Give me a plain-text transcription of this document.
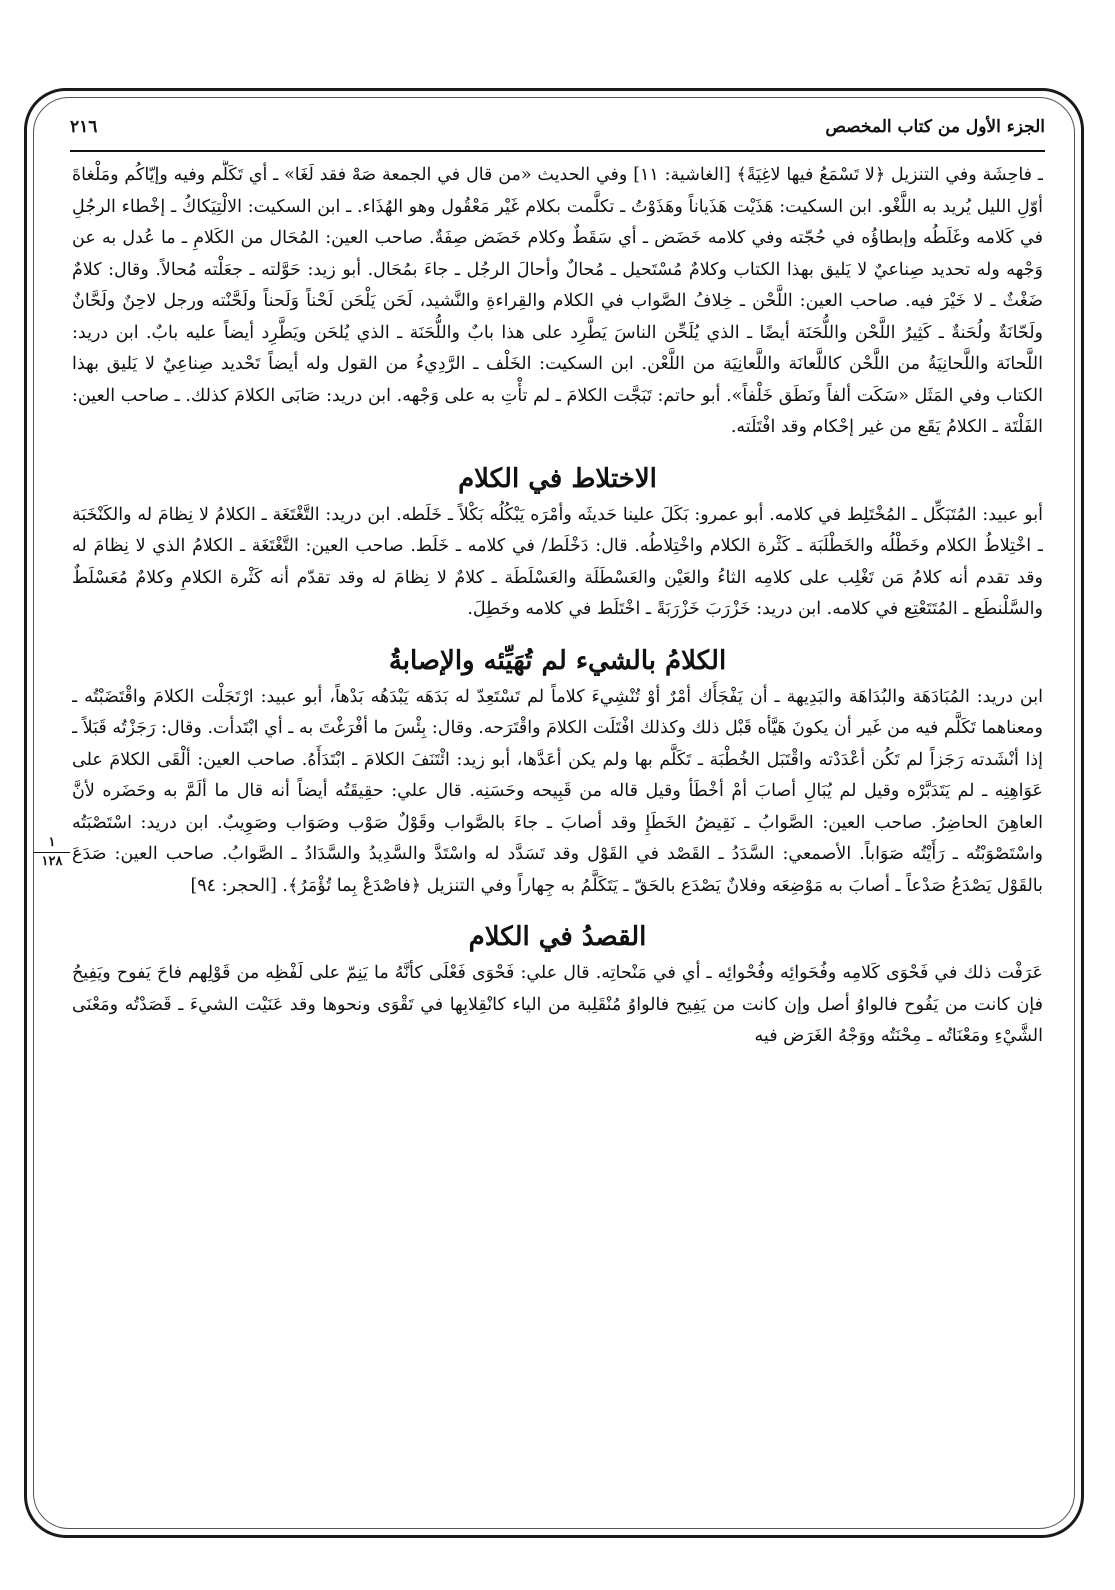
الجزء الأول من كتاب المخصص
٢١٦
١
١٢٨

ـ فاحِشَة وفي التنزيل ﴿لا تَسْمَعُ فيها لاغِيَةً﴾ [الغاشية: ١١] وفي الحديث «من قال في الجمعة صَهْ فقد لَغَا» ـ أي تَكَلَّم وفيه وإيّاكُم ومَلْغاةَ أوّلِ الليل يُريد به اللَّغْو. ابن السكيت: هَذَيْت هَذَياناً وهَذَوْتُ ـ تكلَّمت بكلام غَيْر مَعْقُول وهو الهُذَاء. ـ ابن السكيت: الالْتِيَكاكُ ـ إخْطاء الرجُلِ في كَلامه وغَلَطُه وإبطاؤُه في حُجّته وفي كلامه خَضَض ـ أي سَقَطٌ وكلام خَضَض صِفَةٌ. صاحب العين: المُحَال من الكَلامِ ـ ما عُدل به عن وَجْهه وله تحديد صِناعيٌ لا يَليق بهذا الكتاب وكلامٌ مُسْتَحيل ـ مُحالٌ وأحالَ الرجُل ـ جاءَ بمُحَال. أبو زيد: حَوَّلته ـ جعَلْته مُحالاً. وقال: كلامٌ ضَغْثٌ ـ لا خَيْرَ فيه. صاحب العين: اللَّحْن ـ خِلافُ الصَّواب في الكلام والقِراءةِ والنَّشيد، لَحَن يَلْحَن لَحْناً وَلَحناً ولَحَّنْته ورجل لاحِنٌ ولَحَّانٌ ولَحّانَةٌ ولُحَنةٌ ـ كَثِيرُ اللَّحْن واللُّحَنَة أيضًا ـ الذي يُلَحِّن الناسَ يَطَّرِد على هذا بابٌ واللُّحَنَة ـ الذي يُلحَن ويَطَّرِد أيضاً عليه بابٌ. ابن دريد: اللَّحانَة واللَّحانِيَةُ من اللَّحْن كاللَّعانَة واللَّعانِيَة من اللَّعْن. ابن السكيت: الخَلْف ـ الرَّدِيءُ من القول وله أيضاً تَحْديد صِناعِيٌ لا يَليق بهذا الكتاب وفي المَثَل «سَكَت ألفاً ونَطَق خَلْفاً». أبو حاتم: تَبَجَّت الكلامَ ـ لم تأْتِ به على وَجْهه. ابن دريد: صَابَى الكلامَ كذلك. ـ صاحب العين: الفَلْتَة ـ الكلامُ يَقَع من غير إحْكام وقد افْتَلَته.

الاختلاط في الكلام

أبو عبيد: المُتَبَكِّل ـ المُخْتَلِط في كلامه. أبو عمرو: بَكَلَ علينا حَديثَه وأمْرَه يَبْكُلُه بَكْلاً ـ خَلَطه. ابن دريد: التَّغْتَغَة ـ الكلامُ لا نِظامَ له والكَنْخَبَة ـ اخْتِلاطُ الكلام وخَطْلُه والخَطْلَبَة ـ كَثْرة الكلام واخْتِلاطُه. قال: دَخْلَط/ في كلامه ـ خَلَط. صاحب العين: التَّغْتَغَة ـ الكلامُ الذي لا نِظامَ له وقد تقدم أنه كلامُ مَن تَغْلِب على كلامِه الثاءُ والعَيْن والعَسْطَلَة والعَسْلَطَة ـ كلامٌ لا نِظامَ له وقد تقدّم أنه كَثْرة الكلامِ وكلامٌ مُعَسْلَطٌ والسَّلْنطَع ـ المُتَتَعْتِع في كلامه. ابن دريد: خَزْرَبَ خَزْرَبَةً ـ اخْتَلَط في كلامه وخَطِلَ.

الكلامُ بالشيء لم تُهَيِّئه والإصابةُ

ابن دريد: المُبَادَهَة والبُدَاهَة والبَدِيهة ـ أن يَفْجَأَك أمْرٌ أوْ تُنْشِيءَ كلاماً لم تَسْتَعِدّ له بَدَهَه يَبْدَهُه بَدْهاً، أبو عبيد: ارْتَجَلْت الكلامَ واقْتَضَبْتُه ـ ومعناهما تَكَلَّم فيه من غَير أن يكونَ هَيَّأه قَبْل ذلك وكذلك افْتَلَت الكلامَ واقْتَرَحه. وقال: بِئْسَ ما أفْرَغْتَ به ـ أي ابْتَدأت. وقال: رَجَزْتُه قَبَلاً ـ إذا أنْشَدته رَجَزاً لم تَكُن أعْدَدْته واقْتَبَل الخُطْبَة ـ تَكَلَّم بها ولم يكن أعَدَّها، أبو زيد: ائْتَنَفَ الكلامَ ـ ابْتَدَأَهُ. صاحب العين: ألْقَى الكلامَ على عَوَاهِنِه ـ لم يَتَدَبَّرْه وقيل لم يُبَالِ أصابَ أمْ أخْطَأ وقيل قاله من قَبِيحه وحَسَنِه. قال علي: حقِيقَتُه أيضاً أنه قال ما ألَمَّ به وحَضَره لأنَّ العاهِنَ الحاضِرُ. صاحب العين: الصَّوابُ ـ نَقِيضُ الخَطَإِ وقد أصابَ ـ جاءَ بالصَّواب وقَوْلٌ صَوْب وصَوَاب وصَوِيبٌ. ابن دريد: اسْتَصْبَتُه واسْتَصْوَبْتُه ـ رَأَيْتُه صَوَاباً. الأصمعي: السَّدَدُ ـ القَصْد في القَوْل وقد تَسَدَّد له واسْتَدَّ والسَّدِيدُ والسَّدَادُ ـ الصَّوابُ. صاحب العين: صَدَعَ بالقَوْل يَصْدَعُ صَدْعاً ـ أصابَ به مَوْضِعَه وفلانٌ يَصْدَع بالحَقّ ـ يَتَكَلَّمُ به جِهاراً وفي التنزيل ﴿فاصْدَعْ بِما تُؤْمَرُ﴾. [الحجر: ٩٤]

القصدُ في الكلام

عَرَفْت ذلك في فَحْوَى كَلامِه وفُحَوائِه وفُحْوائِه ـ أي في مَنْحاتِه. قال علي: فَحْوَى فَعْلَى كأنَّهُ ما يَنِمّ على لَفْظِه من قَوْلِهم فاحَ يَفوح ويَفِيحُ فإن كانت من يَفُوح فالواوُ أصل وإن كانت من يَفِيح فالواوُ مُنْقَلِبة من الياء كانْقِلابِها في تَقْوَى ونحوها وقد عَنَيْت الشيءَ ـ قَصَدْتُه ومَعْنَى الشَّيْءِ ومَعْنَاتُه ـ مِحْنَتُه ووَجْهُ الغَرَض فيه
